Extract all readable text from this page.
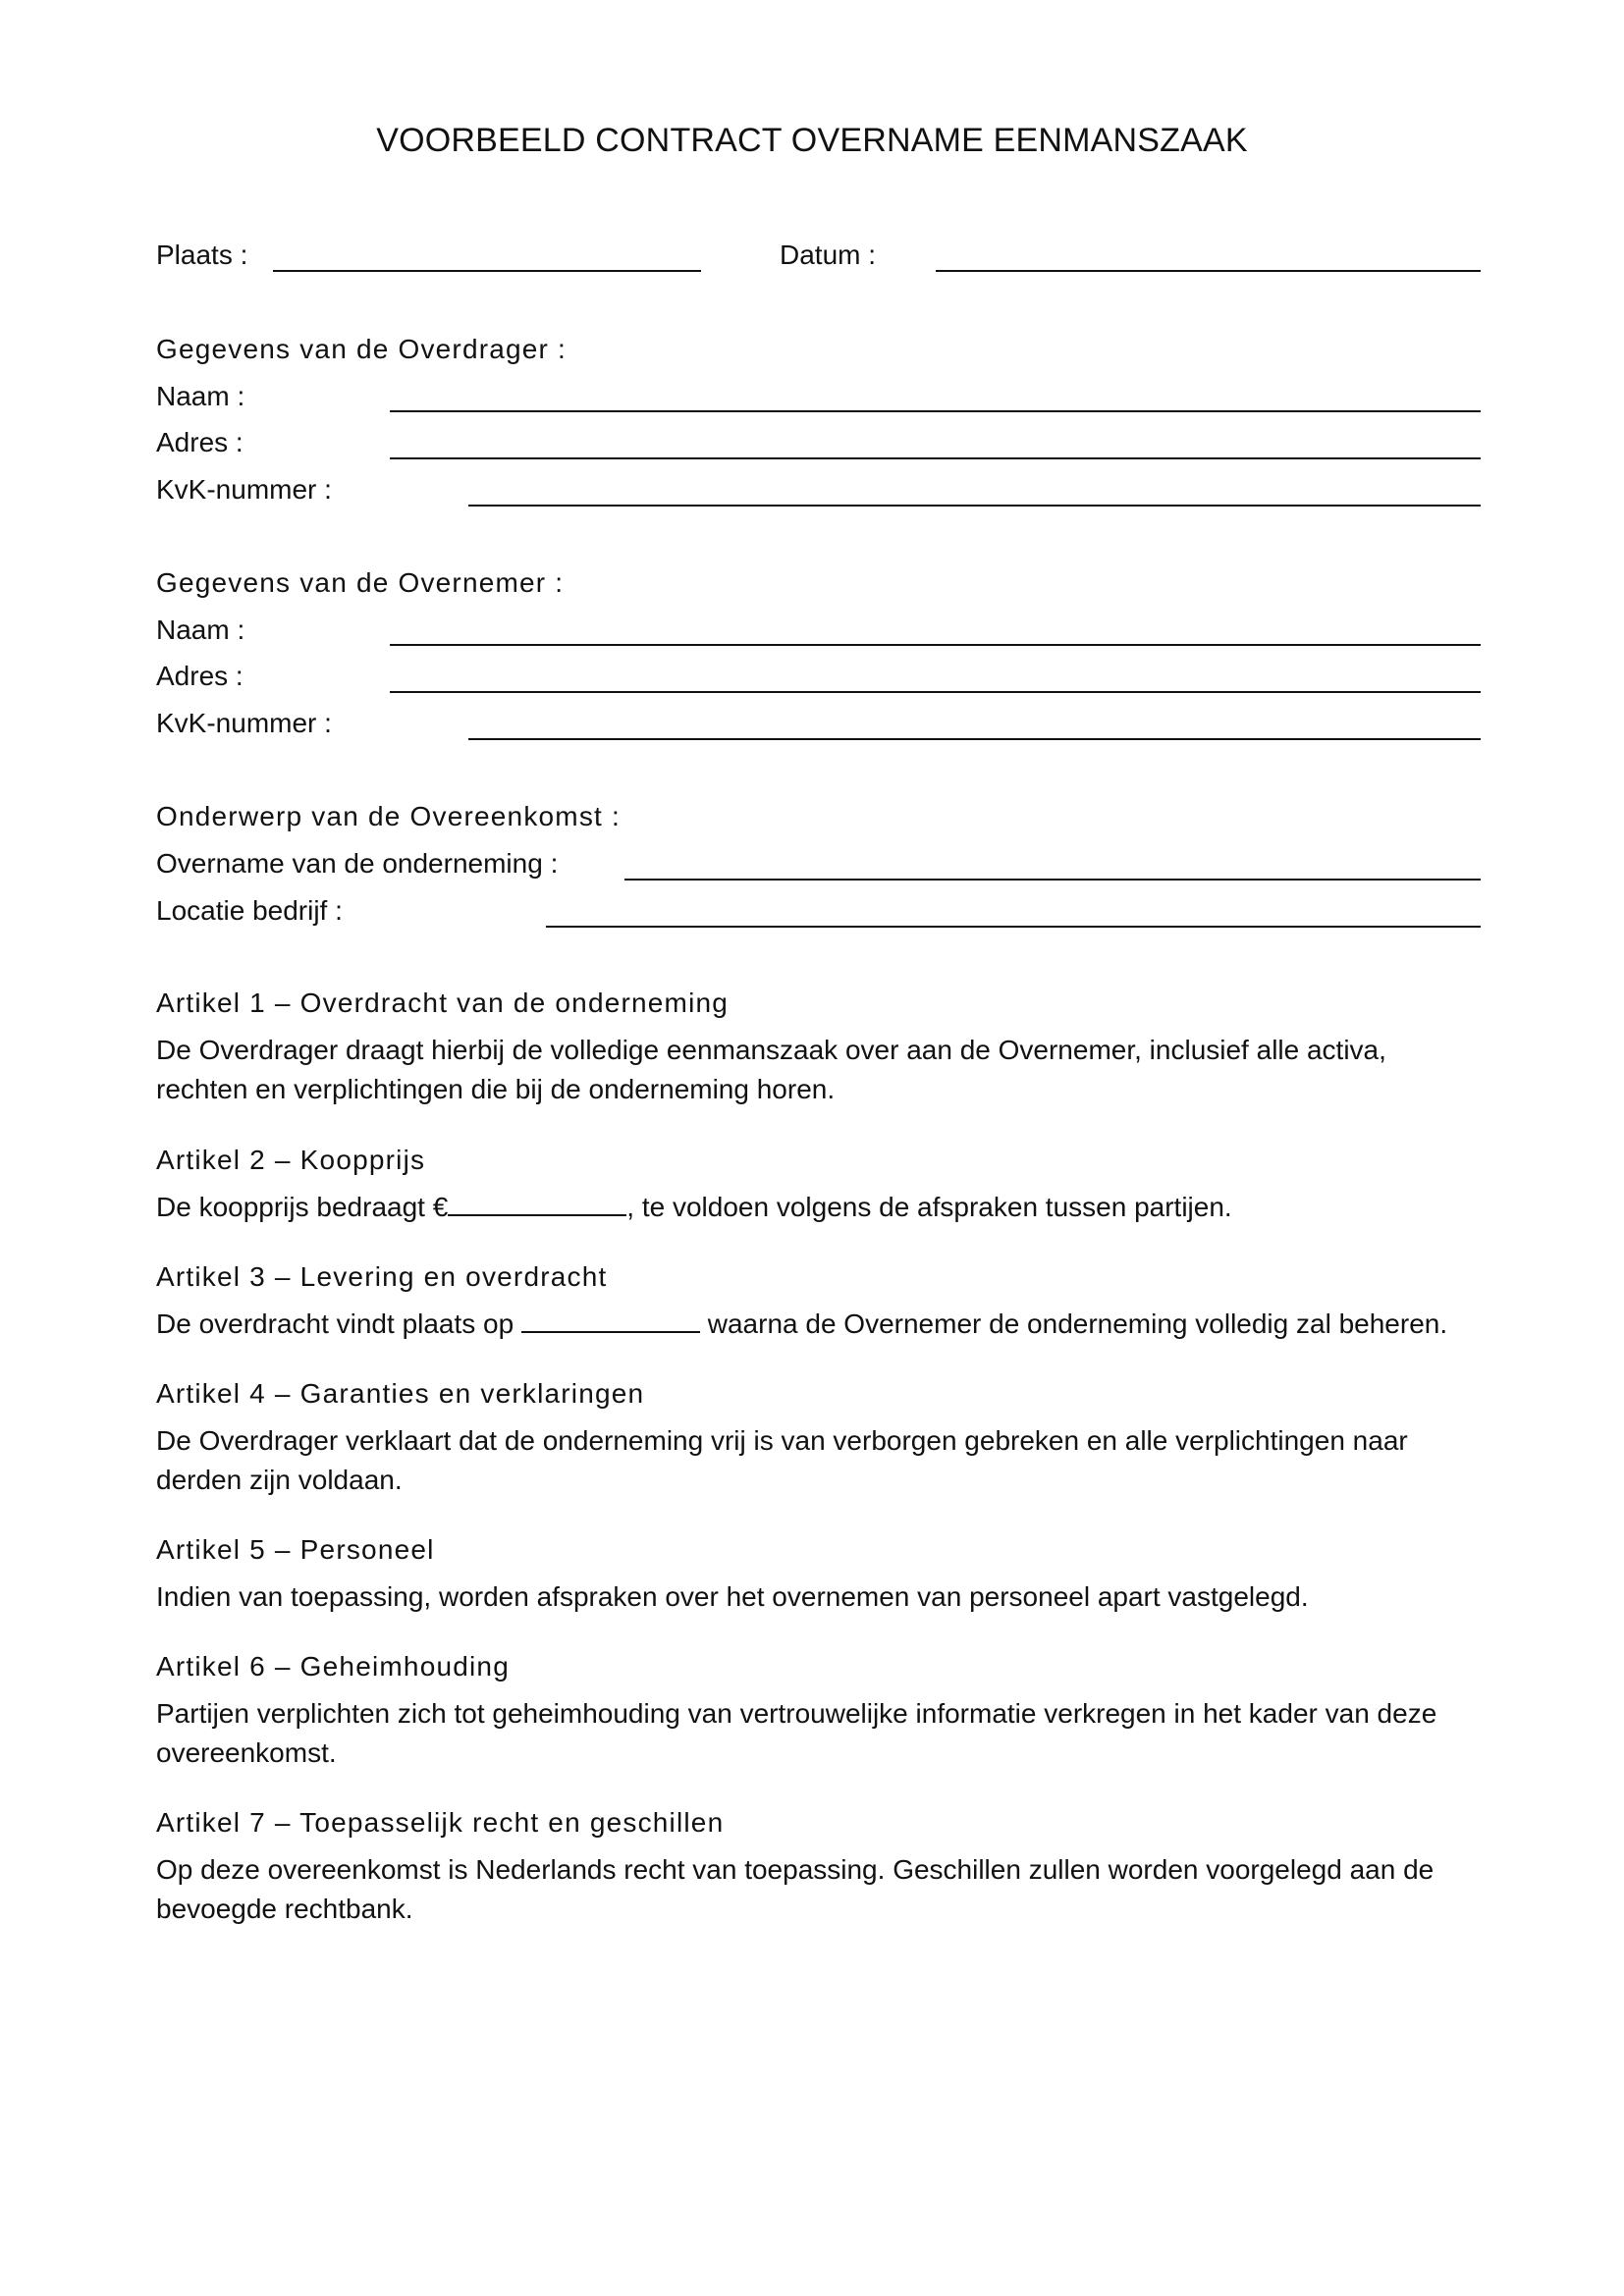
VOORBEELD CONTRACT OVERNAME EENMANSZAAK
Plaats :	Datum :
Gegevens van de Overdrager :
Naam :
Adres :
KvK-nummer :
Gegevens van de Overnemer :
Naam :
Adres :
KvK-nummer :
Onderwerp van de Overeenkomst :
Overname van de onderneming :
Locatie bedrijf :
Artikel 1 – Overdracht van de onderneming
De Overdrager draagt hierbij de volledige eenmanszaak over aan de Overnemer, inclusief alle activa,
rechten en verplichtingen die bij de onderneming horen.
Artikel 2 – Koopprijs
De koopprijs bedraagt €	, te voldoen volgens de afspraken tussen partijen.
Artikel 3 – Levering en overdracht
De overdracht vindt plaats op	waarna de Overnemer de onderneming volledig zal beheren.
Artikel 4 – Garanties en verklaringen
De Overdrager verklaart dat de onderneming vrij is van verborgen gebreken en alle verplichtingen naar
derden zijn voldaan.
Artikel 5 – Personeel
Indien van toepassing, worden afspraken over het overnemen van personeel apart vastgelegd.
Artikel 6 – Geheimhouding
Partijen verplichten zich tot geheimhouding van vertrouwelijke informatie verkregen in het kader van deze
overeenkomst.
Artikel 7 – Toepasselijk recht en geschillen
Op deze overeenkomst is Nederlands recht van toepassing. Geschillen zullen worden voorgelegd aan de
bevoegde rechtbank.
